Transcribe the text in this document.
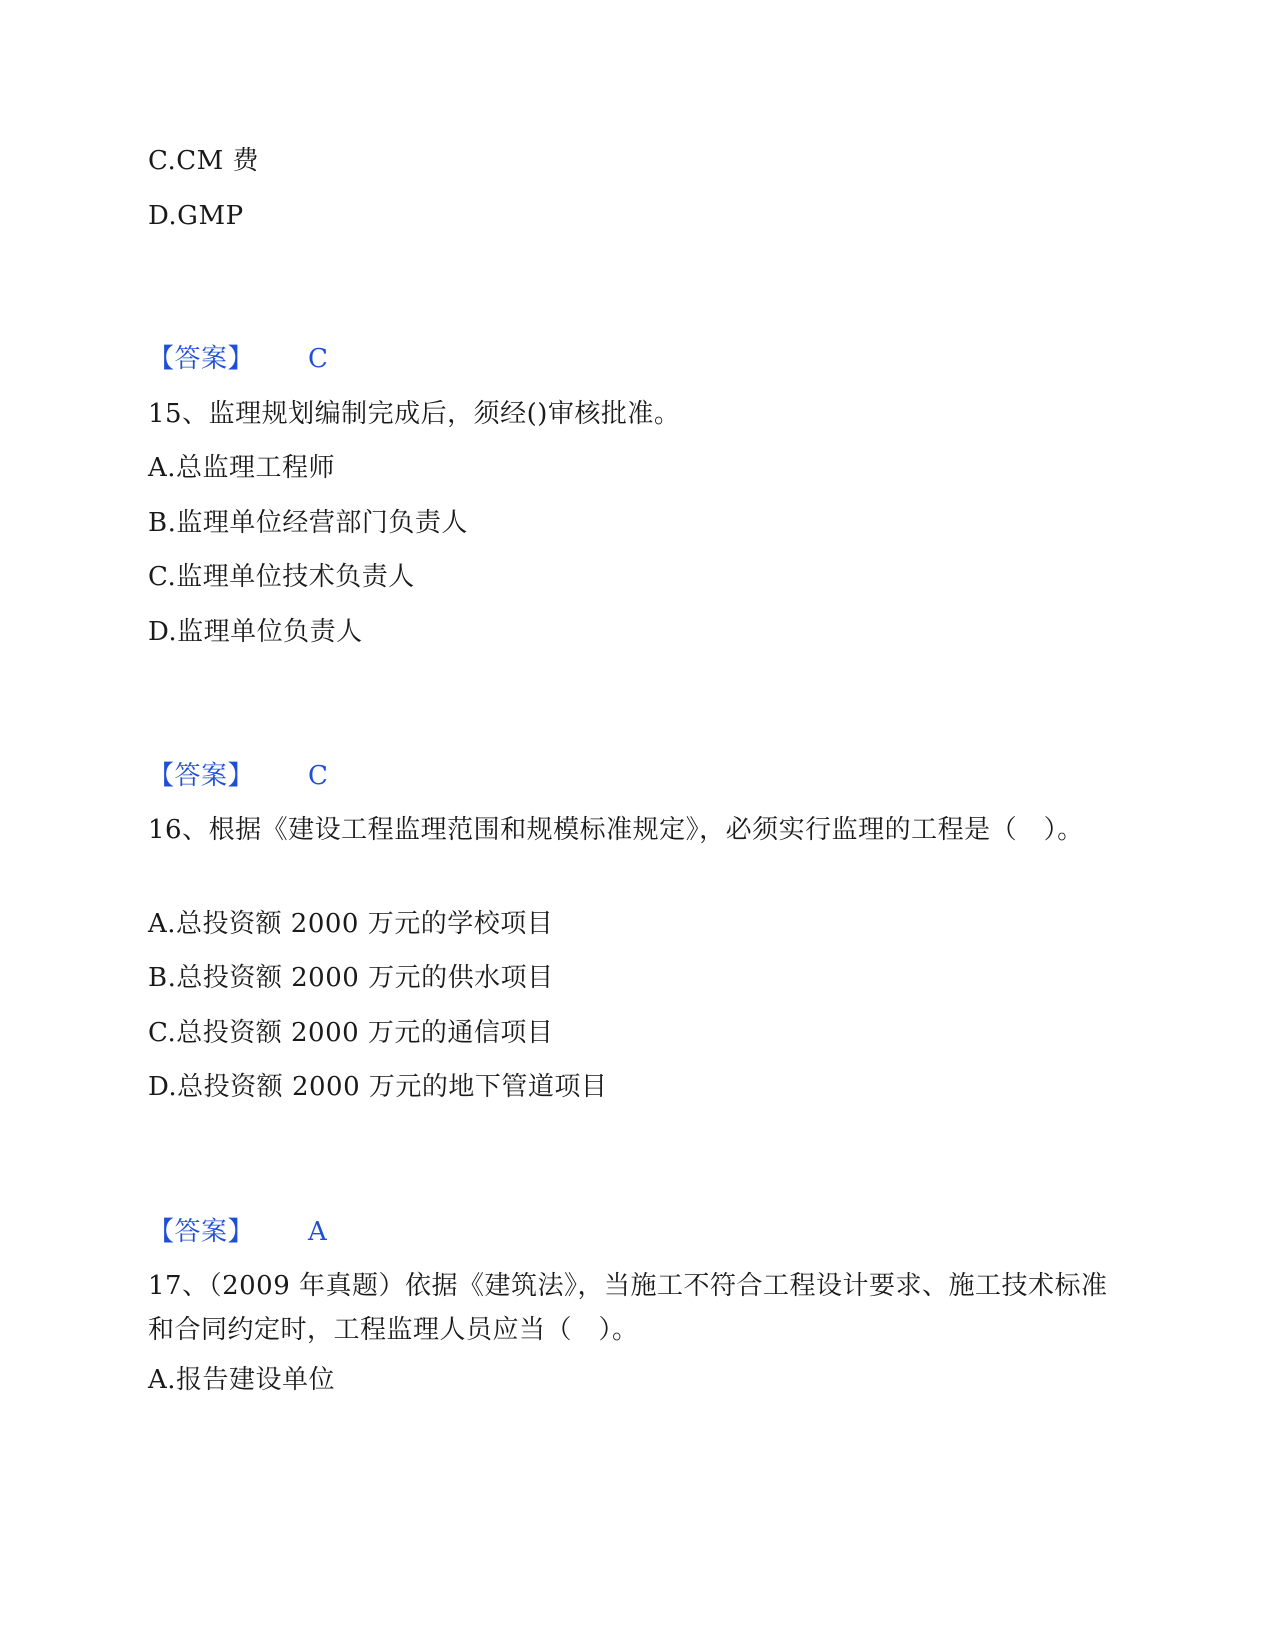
C.CM 费
D.GMP
【答案】 C
15、监理规划编制完成后，须经()审核批准。
A.总监理工程师
B.监理单位经营部门负责人
C.监理单位技术负责人
D.监理单位负责人
【答案】 C
16、根据《建设工程监理范围和规模标准规定》，必须实行监理的工程是（　）。
A.总投资额 2000 万元的学校项目
B.总投资额 2000 万元的供水项目
C.总投资额 2000 万元的通信项目
D.总投资额 2000 万元的地下管道项目
【答案】 A
17、（2009 年真题）依据《建筑法》，当施工不符合工程设计要求、施工技术标准和合同约定时，工程监理人员应当（　）。
A.报告建设单位
